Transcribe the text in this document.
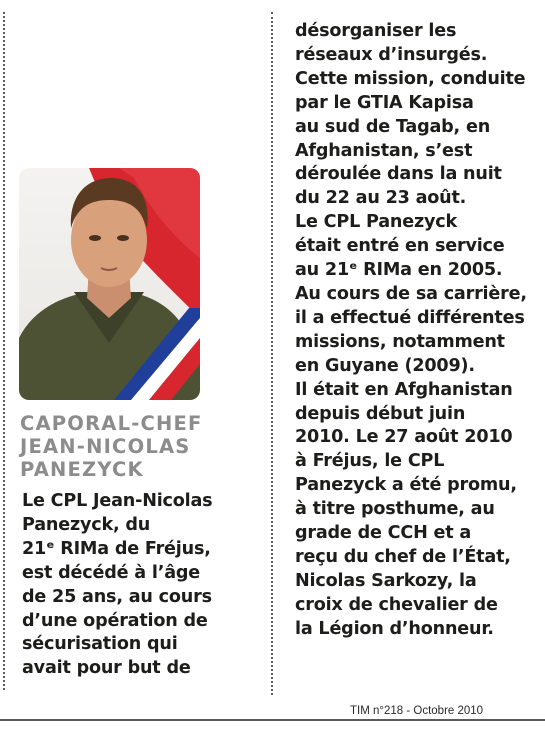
CAPORAL-CHEF
JEAN-NICOLAS
PANEZYCK
Le CPL Jean-Nicolas
Panezyck, du
21ᵉ RIMa de Fréjus,
est décédé à l’âge
de 25 ans, au cours
d’une opération de
sécurisation qui
avait pour but de
désorganiser les
réseaux d’insurgés.
Cette mission, conduite
par le GTIA Kapisa
au sud de Tagab, en
Afghanistan, s’est
déroulée dans la nuit
du 22 au 23 août.
Le CPL Panezyck
était entré en service
au 21ᵉ RIMa en 2005.
Au cours de sa carrière,
il a effectué différentes
missions, notamment
en Guyane (2009).
Il était en Afghanistan
depuis début juin
2010. Le 27 août 2010
à Fréjus, le CPL
Panezyck a été promu,
à titre posthume, au
grade de CCH et a
reçu du chef de l’État,
Nicolas Sarkozy, la
croix de chevalier de
la Légion d’honneur.
TIM n°218 - Octobre 2010
